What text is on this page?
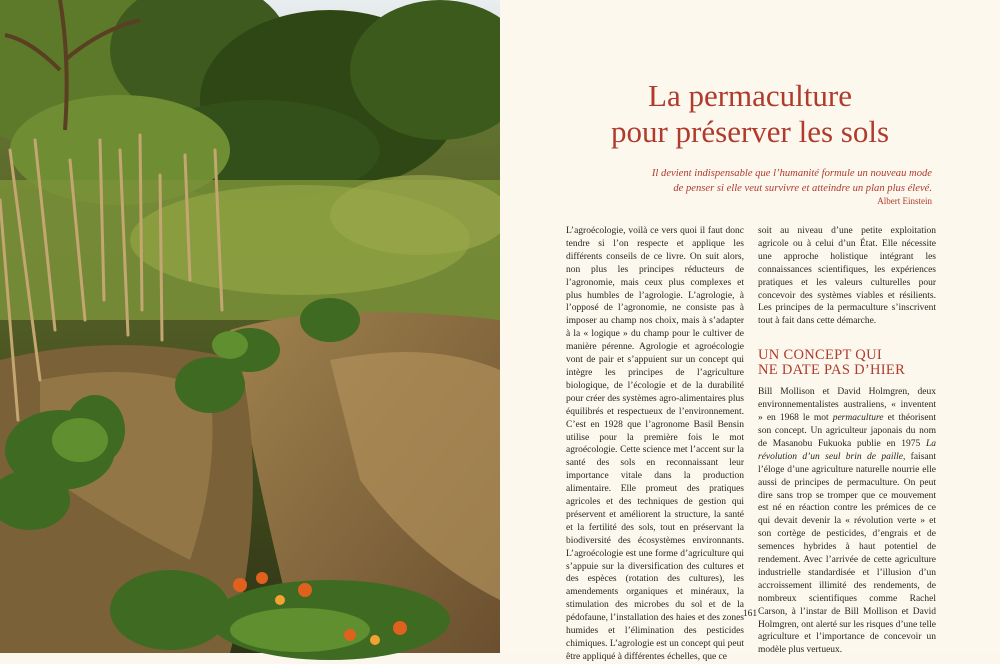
La permaculture
pour préserver les sols

Il devient indispensable que l’humanité formule un nouveau mode
de penser si elle veut survivre et atteindre un plan plus élevé.

Albert Einstein

L’agroécologie, voilà ce vers quoi il faut donc tendre si l’on respecte et applique les différents conseils de ce livre. On suit alors, non plus les principes réducteurs de l’agronomie, mais ceux plus complexes et plus humbles de l’agrologie. L’agrologie, à l’opposé de l’agronomie, ne consiste pas à imposer au champ nos choix, mais à s’adapter à la « logique » du champ pour le cultiver de manière pérenne. Agrologie et agroécologie vont de pair et s’appuient sur un concept qui intègre les principes de l’agriculture biologique, de l’écologie et de la durabilité pour créer des systèmes agro-alimentaires plus équilibrés et respectueux de l’environnement. C’est en 1928 que l’agronome Basil Bensin utilise pour la première fois le mot agroécologie. Cette science met l’accent sur la santé des sols en reconnaissant leur importance vitale dans la production alimentaire. Elle promeut des pratiques agricoles et des techniques de gestion qui préservent et améliorent la structure, la santé et la fertilité des sols, tout en préservant la biodiversité des écosystèmes environnants. L’agroécologie est une forme d’agriculture qui s’appuie sur la diversification des cultures et des espèces (rotation des cultures), les amendements organiques et minéraux, la stimulation des microbes du sol et de la pédofaune, l’installation des haies et des zones humides et l’élimination des pesticides chimiques. L’agrologie est un concept qui peut être appliqué à différentes échelles, que ce

soit au niveau d’une petite exploitation agricole ou à celui d’un État. Elle nécessite une approche holistique intégrant les connaissances scientifiques, les expériences pratiques et les valeurs culturelles pour concevoir des systèmes viables et résilients. Les principes de la permaculture s’inscrivent tout à fait dans cette démarche.

UN CONCEPT QUI
NE DATE PAS D’HIER

Bill Mollison et David Holmgren, deux environnementalistes australiens, « inventent » en 1968 le mot permaculture et théorisent son concept. Un agriculteur japonais du nom de Masanobu Fukuoka publie en 1975 La révolution d’un seul brin de paille, faisant l’éloge d’une agriculture naturelle nourrie elle aussi de principes de permaculture. On peut dire sans trop se tromper que ce mouvement est né en réaction contre les prémices de ce qui devait devenir la « révolution verte » et son cortège de pesticides, d’engrais et de semences hybrides à haut potentiel de rendement. Avec l’arrivée de cette agriculture industrielle standardisée et l’illusion d’un accroissement illimité des rendements, de nombreux scientifiques comme Rachel Carson, à l’instar de Bill Mollison et David Holmgren, ont alerté sur les risques d’une telle agriculture et l’importance de concevoir un modèle plus vertueux.

161
